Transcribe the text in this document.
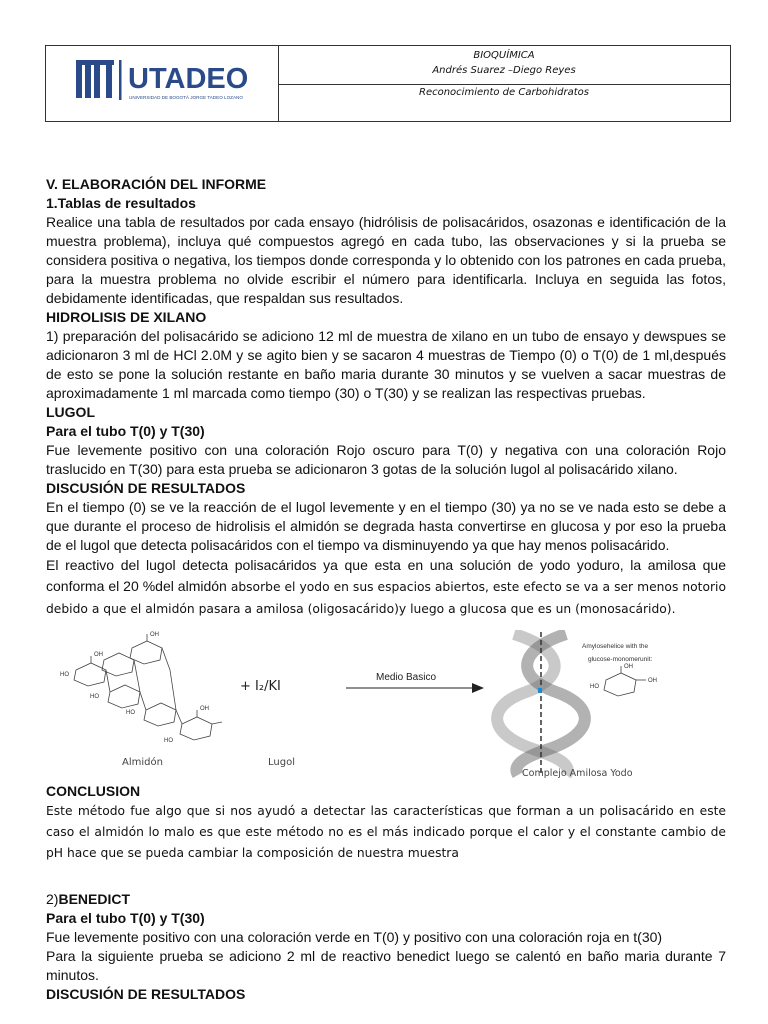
UTADEO
UNIVERSIDAD DE BOGOTÁ JORGE TADEO LOZANO
BIOQUÍMICA
Andrés Suarez –Diego Reyes
Reconocimiento de Carbohidratos

V. ELABORACIÓN DEL INFORME

1.Tablas de resultados

Realice una tabla de resultados por cada ensayo (hidrólisis de polisacáridos, osazonas e identificación de la muestra problema), incluya qué compuestos agregó en cada tubo, las observaciones y si la prueba se considera positiva o negativa, los tiempos donde corresponda y lo obtenido con los patrones en cada prueba, para la muestra problema no olvide escribir el número para identificarla. Incluya en seguida las fotos, debidamente identificadas, que respaldan sus resultados.

HIDROLISIS DE XILANO

1) preparación del polisacárido se adiciono 12 ml de muestra de xilano en un tubo de ensayo y dewspues se adicionaron 3 ml de HCl 2.0M y se agito bien y se sacaron 4 muestras de Tiempo (0) o T(0) de 1 ml,después de esto se pone la solución restante en baño maria durante 30 minutos y se vuelven a sacar muestras de aproximadamente 1 ml marcada como tiempo (30) o T(30) y se realizan las respectivas pruebas.

LUGOL

Para el tubo T(0) y T(30)

Fue levemente positivo con una coloración Rojo oscuro para T(0) y negativa con una coloración Rojo traslucido en T(30) para esta prueba se adicionaron 3 gotas de la solución lugol al polisacárido xilano.

DISCUSIÓN DE RESULTADOS

En el tiempo (0) se ve la reacción de el lugol levemente y en el tiempo (30) ya no se ve nada esto se debe a que durante el proceso de hidrolisis el almidón se degrada hasta convertirse en glucosa y por eso la prueba de el lugol que detecta polisacáridos con el tiempo va disminuyendo ya que hay menos polisacárido.

El reactivo del lugol detecta polisacáridos ya que esta en una solución de yodo yoduro, la amilosa que conforma el 20 %del almidón absorbe el yodo en sus espacios abiertos, este efecto se va a ser menos notorio debido a que el almidón pasara a amilosa (oligosacárido)y luego a glucosa que es un (monosacárido).

OH
OH
HO
HO
HO
OH
HO
Almidón
+ I₂/KI
Lugol
Medio Basico
Amylosehelice with the
glucose-monomerunit:
OH
HO
OH
Complejo Amilosa Yodo

CONCLUSION

Este método fue algo que si nos ayudó a detectar las características que forman a un polisacárido en este caso el almidón lo malo es que este método no es el más indicado porque el calor y el constante cambio de pH hace que se pueda cambiar la composición de nuestra muestra

2)BENEDICT

Para el tubo T(0) y T(30)

Fue levemente positivo con una coloración verde en T(0) y positivo con una coloración roja en t(30)

Para la siguiente prueba se adiciono 2 ml de reactivo benedict luego se calentó en baño maria durante 7 minutos.

DISCUSIÓN DE RESULTADOS
